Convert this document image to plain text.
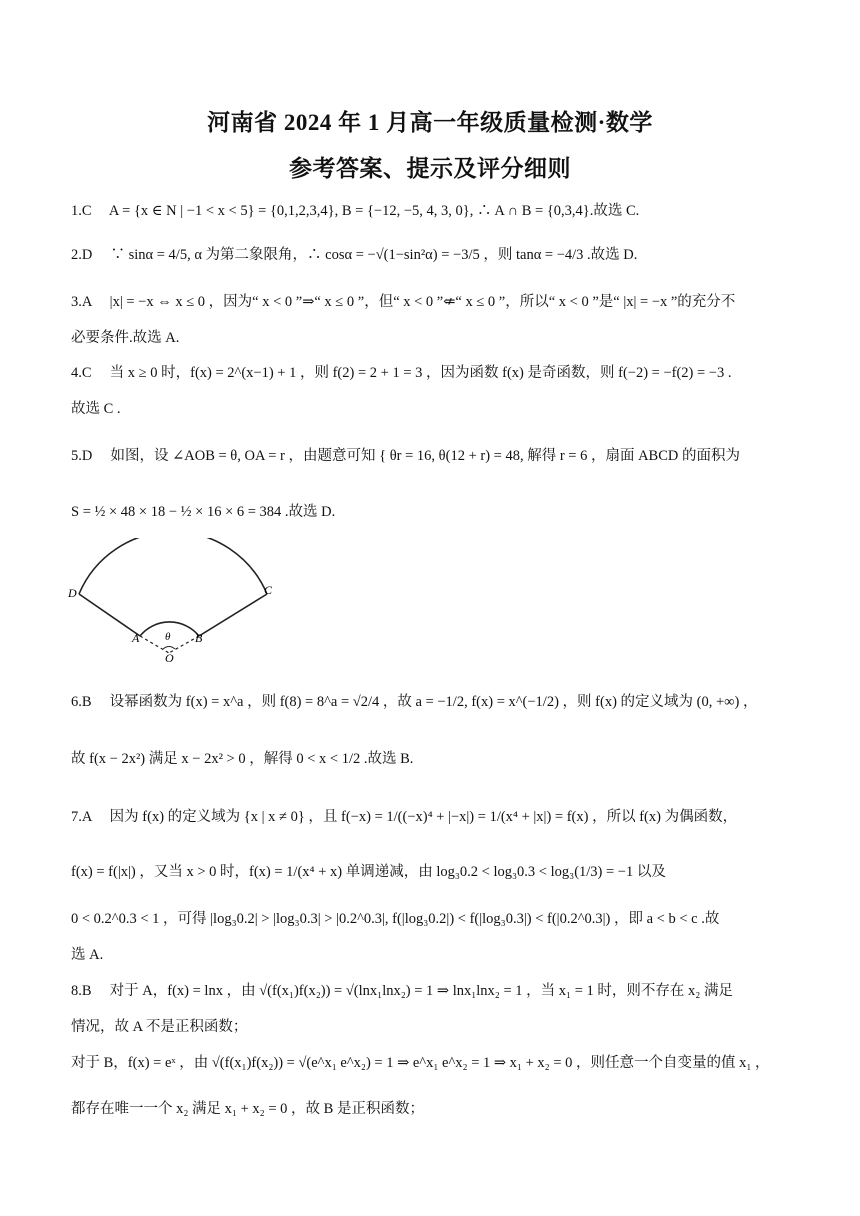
河南省 2024 年 1 月高一年级质量检测·数学
参考答案、提示及评分细则
1.C　 A = {x ∈ N | −1 < x < 5} = {0,1,2,3,4}, B = {−12, −5, 4, 3, 0}, ∴ A ∩ B = {0,3,4}.故选 C.
2.D　 ∵ sinα = 4/5, α 为第二象限角，∴ cosα = −√(1−sin²α) = −3/5 ，则 tanα = −4/3 .故选 D.
3.A　 |x| = −x ⇔ x ≤ 0 ，因为“ x < 0 ”⇒“ x ≤ 0 ”，但“ x < 0 ”⇍“ x ≤ 0 ”，所以“ x < 0 ”是“ |x| = −x ”的充分不
必要条件.故选 A.
4.C　 当 x ≥ 0 时，f(x) = 2^(x−1) + 1 ，则 f(2) = 2 + 1 = 3 ，因为函数 f(x) 是奇函数，则 f(−2) = −f(2) = −3 .
故选 C .
5.D　 如图，设 ∠AOB = θ, OA = r ，由题意可知 { θr = 16, θ(12 + r) = 48, 解得 r = 6 ，扇面 ABCD 的面积为
S = ½ × 48 × 18 − ½ × 16 × 6 = 384 .故选 D.
D	C
A	B
θ
O
6.B　 设幂函数为 f(x) = x^a ，则 f(8) = 8^a = √2/4 ，故 a = −1/2, f(x) = x^(−1/2) ，则 f(x) 的定义域为 (0, +∞) ，
故 f(x − 2x²) 满足 x − 2x² > 0 ，解得 0 < x < 1/2 .故选 B.
7.A　 因为 f(x) 的定义域为 {x | x ≠ 0} ，且 f(−x) = 1/((−x)⁴ + |−x|) = 1/(x⁴ + |x|) = f(x) ，所以 f(x) 为偶函数，
f(x) = f(|x|) ，又当 x > 0 时，f(x) = 1/(x⁴ + x) 单调递减，由 log₃0.2 < log₃0.3 < log₃(1/3) = −1 以及
0 < 0.2^0.3 < 1 ，可得 |log₃0.2| > |log₃0.3| > |0.2^0.3|, f(|log₃0.2|) < f(|log₃0.3|) < f(|0.2^0.3|) ，即 a < b < c .故
选 A.
8.B　 对于 A，f(x) = lnx ，由 √(f(x₁)f(x₂)) = √(lnx₁lnx₂) = 1 ⇒ lnx₁lnx₂ = 1 ，当 x₁ = 1 时，则不存在 x₂ 满足
情况，故 A 不是正积函数；
对于 B，f(x) = eˣ ，由 √(f(x₁)f(x₂)) = √(e^x₁ e^x₂) = 1 ⇒ e^x₁ e^x₂ = 1 ⇒ x₁ + x₂ = 0 ，则任意一个自变量的值 x₁ ，
都存在唯一一个 x₂ 满足 x₁ + x₂ = 0 ，故 B 是正积函数；
